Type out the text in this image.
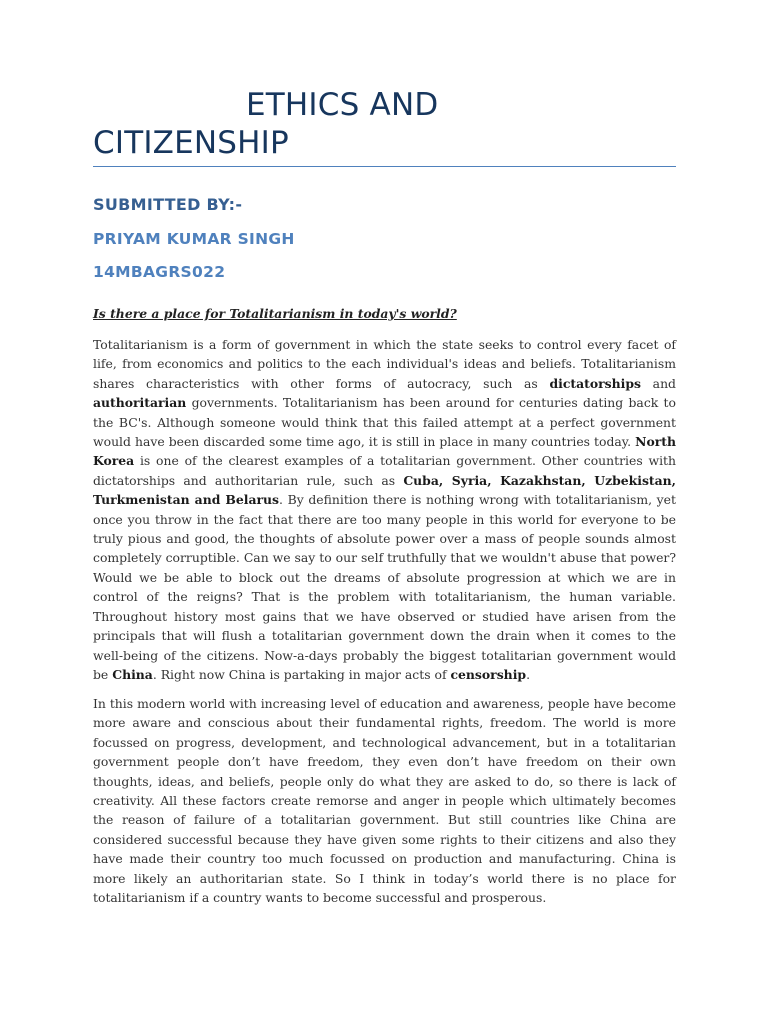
ETHICS AND
CITIZENSHIP

SUBMITTED BY:-

PRIYAM KUMAR SINGH

14MBAGRS022

Is there a place for Totalitarianism in today's world?

Totalitarianism is a form of government in which the state seeks to control every facet of life, from economics and politics to the each individual's ideas and beliefs. Totalitarianism shares characteristics with other forms of autocracy, such as dictatorships and authoritarian governments. Totalitarianism has been around for centuries dating back to the BC's. Although someone would think that this failed attempt at a perfect government would have been discarded some time ago, it is still in place in many countries today. North Korea is one of the clearest examples of a totalitarian government. Other countries with dictatorships and authoritarian rule, such as Cuba, Syria, Kazakhstan, Uzbekistan, Turkmenistan and Belarus. By definition there is nothing wrong with totalitarianism, yet once you throw in the fact that there are too many people in this world for everyone to be truly pious and good, the thoughts of absolute power over a mass of people sounds almost completely corruptible. Can we say to our self truthfully that we wouldn't abuse that power? Would we be able to block out the dreams of absolute progression at which we are in control of the reigns? That is the problem with totalitarianism, the human variable. Throughout history most gains that we have observed or studied have arisen from the principals that will flush a totalitarian government down the drain when it comes to the well-being of the citizens. Now-a-days probably the biggest totalitarian government would be China. Right now China is partaking in major acts of censorship.

In this modern world with increasing level of education and awareness, people have become more aware and conscious about their fundamental rights, freedom. The world is more focussed on progress, development, and technological advancement, but in a totalitarian government people don’t have freedom, they even don’t have freedom on their own thoughts, ideas, and beliefs, people only do what they are asked to do, so there is lack of creativity. All these factors create remorse and anger in people which ultimately becomes the reason of failure of a totalitarian government. But still countries like China are considered successful because they have given some rights to their citizens and also they have made their country too much focussed on production and manufacturing. China is more likely an authoritarian state. So I think in today’s world there is no place for totalitarianism if a country wants to become successful and prosperous.
